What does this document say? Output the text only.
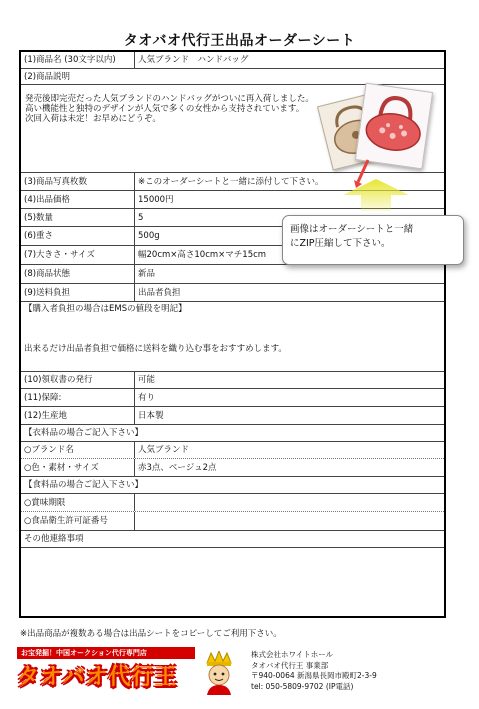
タオバオ代行王出品オーダーシート
(1)商品名 (30文字以内)	人気ブランド　ハンドバッグ
(2)商品説明
発売後即完売だった人気ブランドのハンドバッグがついに再入荷しました。
高い機能性と独特のデザインが人気で多くの女性から支持されています。
次回入荷は未定！お早めにどうぞ。
(3)商品写真枚数	※このオーダーシートと一緒に添付して下さい。
(4)出品価格	15000円
(5)数量	5
(6)重さ	500g
(7)大きさ・サイズ	幅20cm×高さ10cm×マチ15cm
(8)商品状態	新品
(9)送料負担	出品者負担
【購入者負担の場合はEMSの値段を明記】
出来るだけ出品者負担で価格に送料を織り込む事をおすすめします。
(10)領収書の発行	可能
(11)保障:	有り
(12)生産地	日本製
【衣料品の場合ご記入下さい】
○ブランド名	人気ブランド
○色・素材・サイズ	赤3点、ベージュ2点
【食料品の場合ご記入下さい】
○賞味期限
○食品衛生許可証番号
その他連絡事項
画像はオーダーシートと一緒
にZIP圧縮して下さい。
※出品商品が複数ある場合は出品シートをコピーしてご利用下さい。
お宝発掘！中国オークション代行専門店
タオバオ代行王
株式会社ホワイトホール
タオバオ代行王 事業部
〒940-0064 新潟県長岡市殿町2-3-9
tel: 050-5809-9702 (IP電話)
